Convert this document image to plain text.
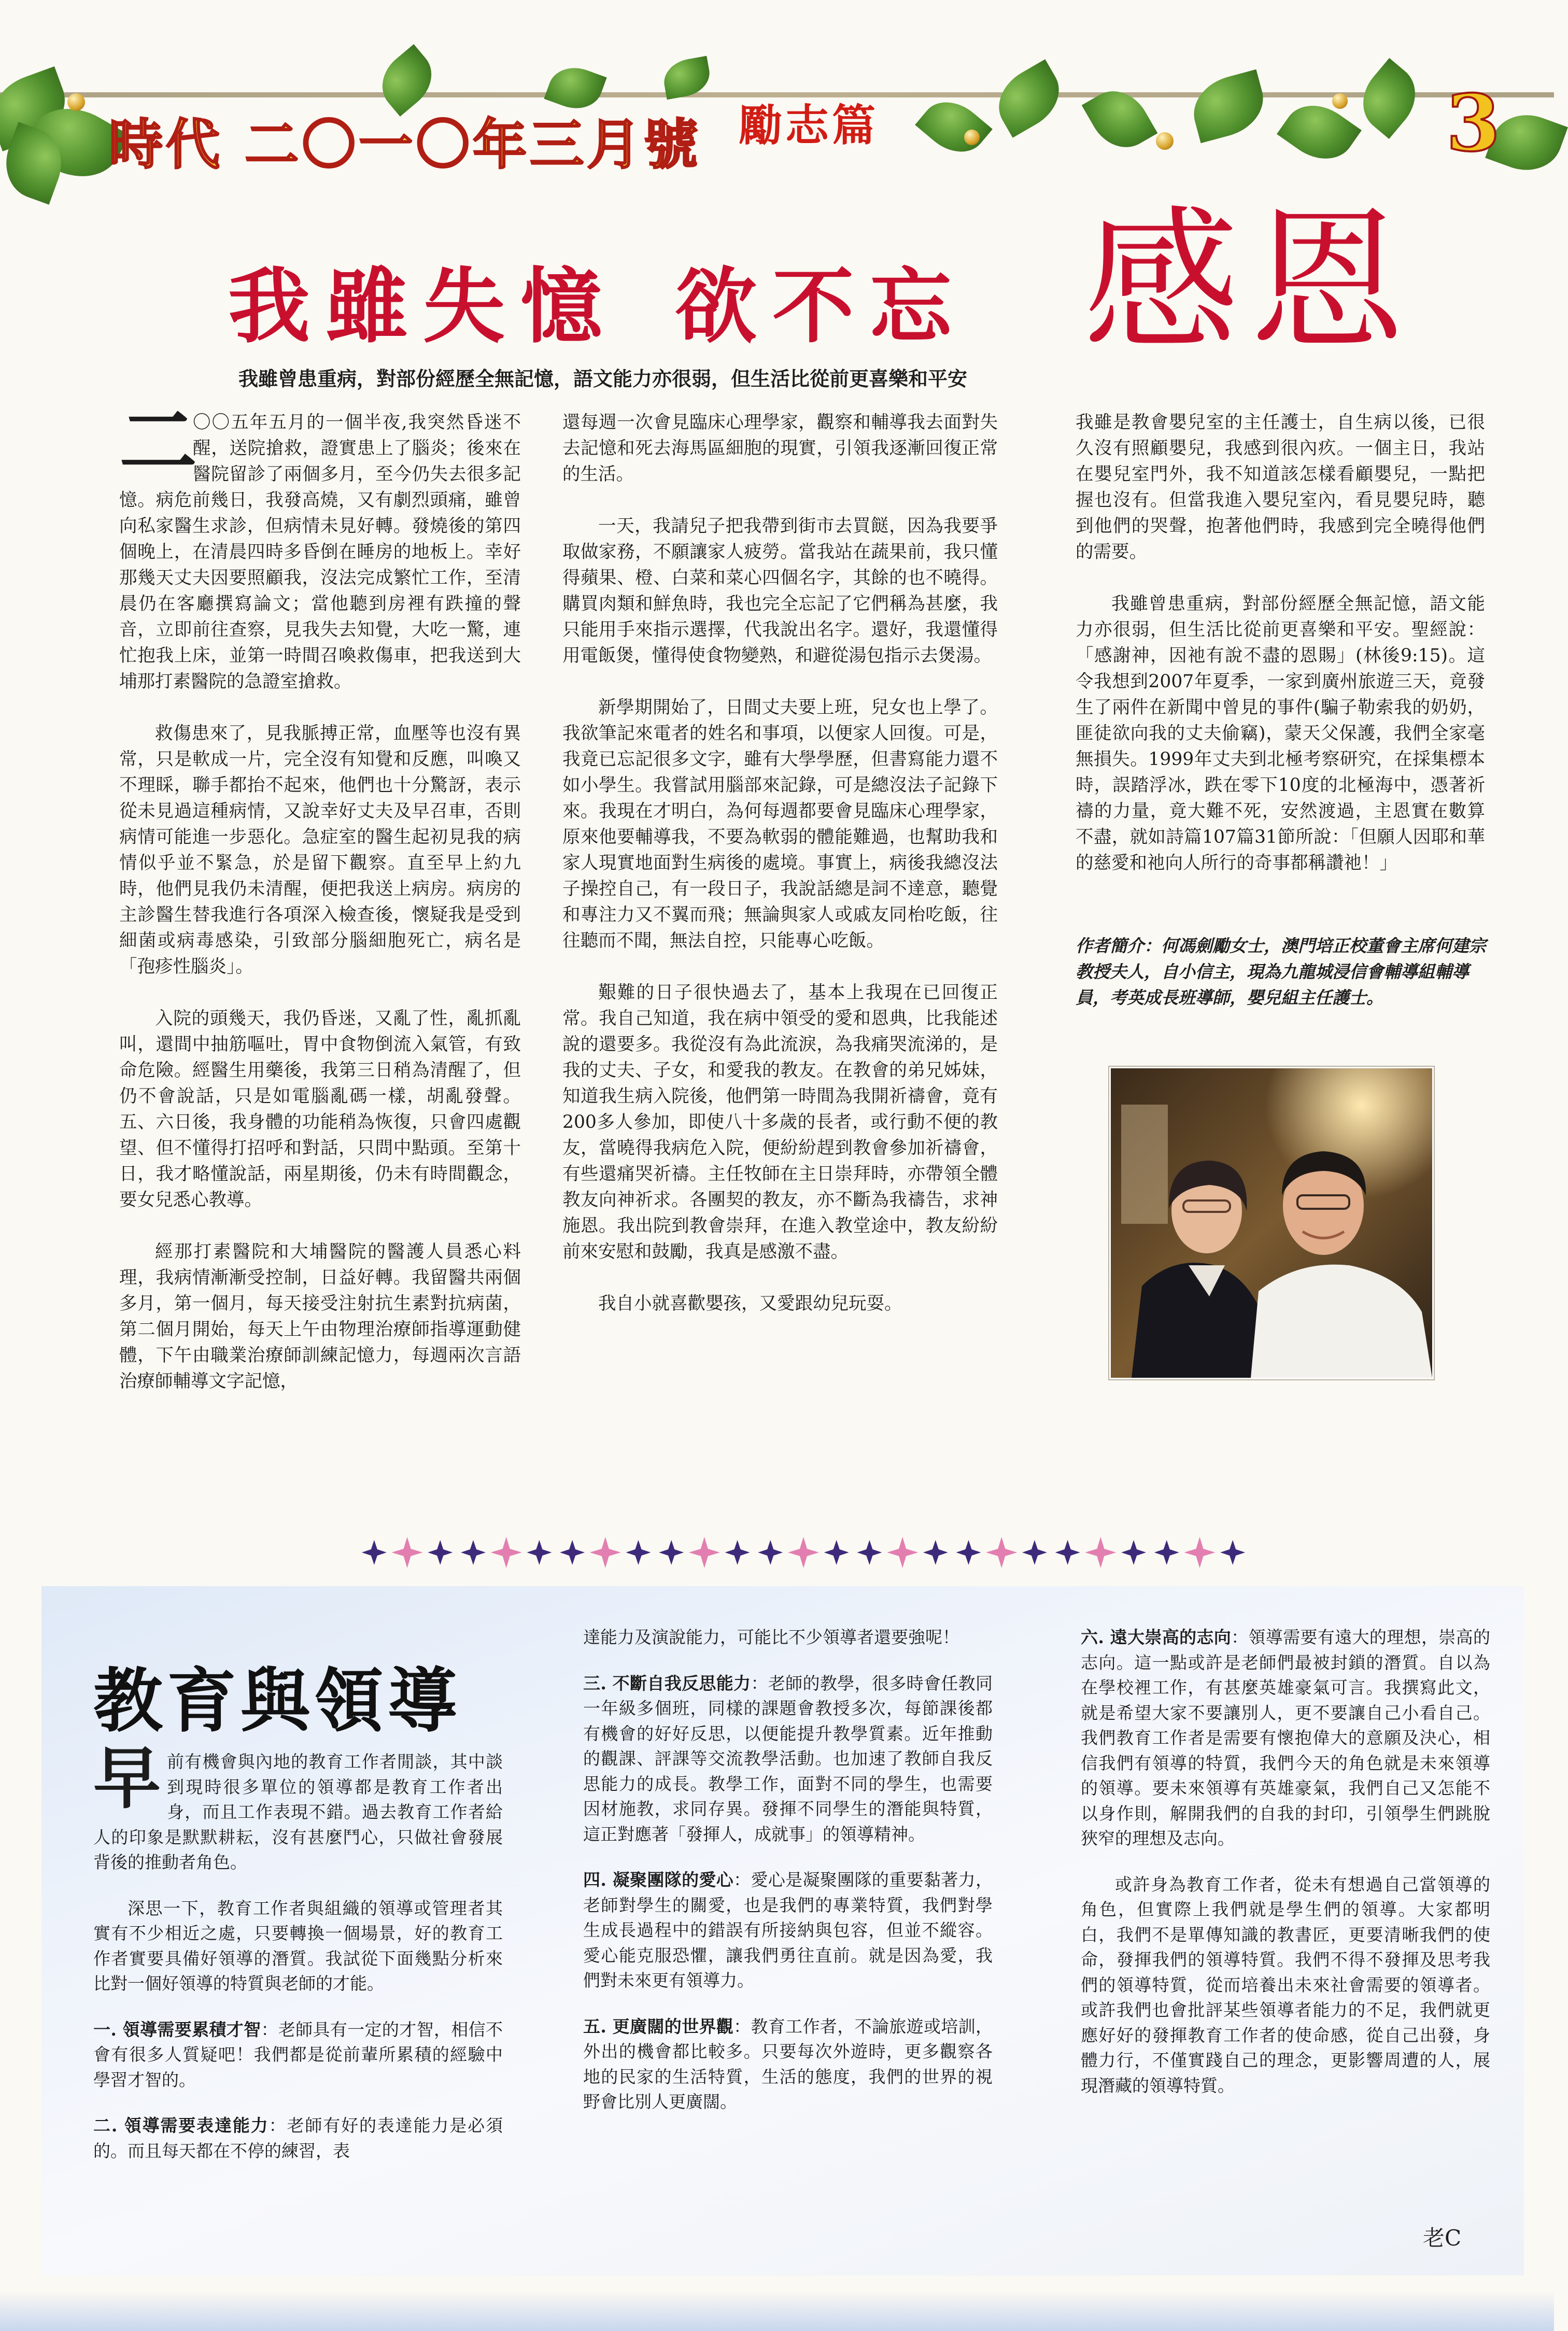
時代 二〇一〇年三月號 勵志篇	3
我雖失憶 欲不忘 感恩
我雖曾患重病，對部份經歷全無記憶，語文能力亦很弱，但生活比從前更喜樂和平安

二
〇〇五年五月的一個半夜,我突然昏迷不醒，送院搶救，證實患上了腦炎；後來在醫院留診了兩個多月，至今仍失去很多記憶。病危前幾日，我發高燒，又有劇烈頭痛，雖曾向私家醫生求診，但病情未見好轉。發燒後的第四個晚上，在清晨四時多昏倒在睡房的地板上。幸好那幾天丈夫因要照顧我，沒法完成繁忙工作，至清晨仍在客廳撰寫論文；當他聽到房裡有跌撞的聲音，立即前往查察，見我失去知覺，大吃一驚，連忙抱我上床，並第一時間召喚救傷車，把我送到大埔那打素醫院的急證室搶救。

救傷患來了，見我脈搏正常，血壓等也沒有異常，只是軟成一片，完全沒有知覺和反應，叫喚又不理睬，聯手都抬不起來，他們也十分驚訝，表示從未見過這種病情，又說幸好丈夫及早召車，否則病情可能進一步惡化。急症室的醫生起初見我的病情似乎並不緊急，於是留下觀察。直至早上約九時，他們見我仍未清醒，便把我送上病房。病房的主診醫生替我進行各項深入檢查後，懷疑我是受到細菌或病毒感染，引致部分腦細胞死亡，病名是「孢疹性腦炎」。

入院的頭幾天，我仍昏迷，又亂了性，亂抓亂叫，還間中抽筋嘔吐，胃中食物倒流入氣管，有致命危險。經醫生用藥後，我第三日稍為清醒了，但仍不會說話，只是如電腦亂碼一樣，胡亂發聲。五、六日後，我身體的功能稍為恢復，只會四處觀望、但不懂得打招呼和對話，只問中點頭。至第十日，我才略懂說話，兩星期後，仍未有時間觀念，要女兒悉心教導。

經那打素醫院和大埔醫院的醫護人員悉心料理，我病情漸漸受控制，日益好轉。我留醫共兩個多月，第一個月，每天接受注射抗生素對抗病菌，第二個月開始，每天上午由物理治療師指導運動健體，下午由職業治療師訓練記憶力，每週兩次言語治療師輔導文字記憶，

還每週一次會見臨床心理學家，觀察和輔導我去面對失去記憶和死去海馬區細胞的現實，引領我逐漸回復正常的生活。

一天，我請兒子把我帶到街市去買餸，因為我要爭取做家務，不願讓家人疲勞。當我站在蔬果前，我只懂得蘋果、橙、白菜和菜心四個名字，其餘的也不曉得。購買肉類和鮮魚時，我也完全忘記了它們稱為甚麼，我只能用手來指示選擇，代我說出名字。還好，我還懂得用電飯煲，懂得使食物變熟，和避從湯包指示去煲湯。

新學期開始了，日間丈夫要上班，兒女也上學了。我欲筆記來電者的姓名和事項，以便家人回復。可是，我竟已忘記很多文字，雖有大學學歷，但書寫能力還不如小學生。我嘗試用腦部來記錄，可是總沒法子記錄下來。我現在才明白，為何每週都要會見臨床心理學家，原來他要輔導我，不要為軟弱的體能難過，也幫助我和家人現實地面對生病後的處境。事實上，病後我總沒法子操控自己，有一段日子，我說話總是詞不達意，聽覺和專注力又不翼而飛；無論與家人或戚友同枱吃飯，往往聽而不聞，無法自控，只能專心吃飯。

艱難的日子很快過去了，基本上我現在已回復正常。我自己知道，我在病中領受的愛和恩典，比我能述說的還要多。我從沒有為此流淚，為我痛哭流涕的，是我的丈夫、子女，和愛我的教友。在教會的弟兄姊妹，知道我生病入院後，他們第一時間為我開祈禱會，竟有200多人參加，即使八十多歲的長者，或行動不便的教友，當曉得我病危入院，便紛紛趕到教會參加祈禱會，有些還痛哭祈禱。主任牧師在主日崇拜時，亦帶領全體教友向神祈求。各團契的教友，亦不斷為我禱告，求神施恩。我出院到教會崇拜，在進入教堂途中，教友紛紛前來安慰和鼓勵，我真是感激不盡。

我自小就喜歡嬰孩，又愛跟幼兒玩耍。

我雖是教會嬰兒室的主任護士，自生病以後，已很久沒有照顧嬰兒，我感到很內疚。一個主日，我站在嬰兒室門外，我不知道該怎樣看顧嬰兒，一點把握也沒有。但當我進入嬰兒室內，看見嬰兒時，聽到他們的哭聲，抱著他們時，我感到完全曉得他們的需要。

我雖曾患重病，對部份經歷全無記憶，語文能力亦很弱，但生活比從前更喜樂和平安。聖經說：「感謝神，因祂有說不盡的恩賜」(林後9:15)。這令我想到2007年夏季，一家到廣州旅遊三天，竟發生了兩件在新聞中曾見的事件(騙子勒索我的奶奶，匪徒欲向我的丈夫偷竊)，蒙天父保護，我們全家毫無損失。1999年丈夫到北極考察研究，在採集標本時，誤踏浮冰，跌在零下10度的北極海中，憑著祈禱的力量，竟大難不死，安然渡過，主恩實在數算不盡，就如詩篇107篇31節所說：「但願人因耶和華的慈愛和祂向人所行的奇事都稱讚祂！」

作者簡介：何馮劍勵女士，澳門培正校董會主席何建宗教授夫人，自小信主，現為九龍城浸信會輔導組輔導員，考英成長班導師，嬰兒組主任護士。
教育與領導

早前有機會與內地的教育工作者閒談，其中談到現時很多單位的領導都是教育工作者出身，而且工作表現不錯。過去教育工作者給人的印象是默默耕耘，沒有甚麼鬥心，只做社會發展背後的推動者角色。

深思一下，教育工作者與組織的領導或管理者其實有不少相近之處，只要轉換一個場景，好的教育工作者實要具備好領導的潛質。我試從下面幾點分析來比對一個好領導的特質與老師的才能。

一. 領導需要累積才智：老師具有一定的才智，相信不會有很多人質疑吧！我們都是從前輩所累積的經驗中學習才智的。

二. 領導需要表達能力：老師有好的表達能力是必須的。而且每天都在不停的練習，表

達能力及演說能力，可能比不少領導者還要強呢！

三. 不斷自我反思能力：老師的教學，很多時會任教同一年級多個班，同樣的課題會教授多次，每節課後都有機會的好好反思，以便能提升教學質素。近年推動的觀課、評課等交流教學活動。也加速了教師自我反思能力的成長。教學工作，面對不同的學生，也需要因材施教，求同存異。發揮不同學生的潛能與特質，這正對應著「發揮人，成就事」的領導精神。

四. 凝聚團隊的愛心：愛心是凝聚團隊的重要黏著力，老師對學生的關愛，也是我們的專業特質，我們對學生成長過程中的錯誤有所接納與包容，但並不縱容。愛心能克服恐懼，讓我們勇往直前。就是因為愛，我們對未來更有領導力。

五. 更廣闊的世界觀：教育工作者，不論旅遊或培訓，外出的機會都比較多。只要每次外遊時，更多觀察各地的民家的生活特質，生活的態度，我們的世界的視野會比別人更廣闊。

六. 遠大崇高的志向：領導需要有遠大的理想，崇高的志向。這一點或許是老師們最被封鎖的潛質。自以為在學校裡工作，有甚麼英雄豪氣可言。我撰寫此文，就是希望大家不要讓別人，更不要讓自己小看自己。我們教育工作者是需要有懷抱偉大的意願及決心，相信我們有領導的特質，我們今天的角色就是未來領導的領導。要未來領導有英雄豪氣，我們自己又怎能不以身作則，解開我們的自我的封印，引領學生們跳脫狹窄的理想及志向。

或許身為教育工作者，從未有想過自己當領導的角色，但實際上我們就是學生們的領導。大家都明白，我們不是單傳知識的教書匠，更要清晰我們的使命，發揮我們的領導特質。我們不得不發揮及思考我們的領導特質，從而培養出未來社會需要的領導者。或許我們也會批評某些領導者能力的不足，我們就更應好好的發揮教育工作者的使命感，從自己出發，身體力行，不僅實踐自己的理念，更影響周遭的人，展現潛藏的領導特質。

老C
